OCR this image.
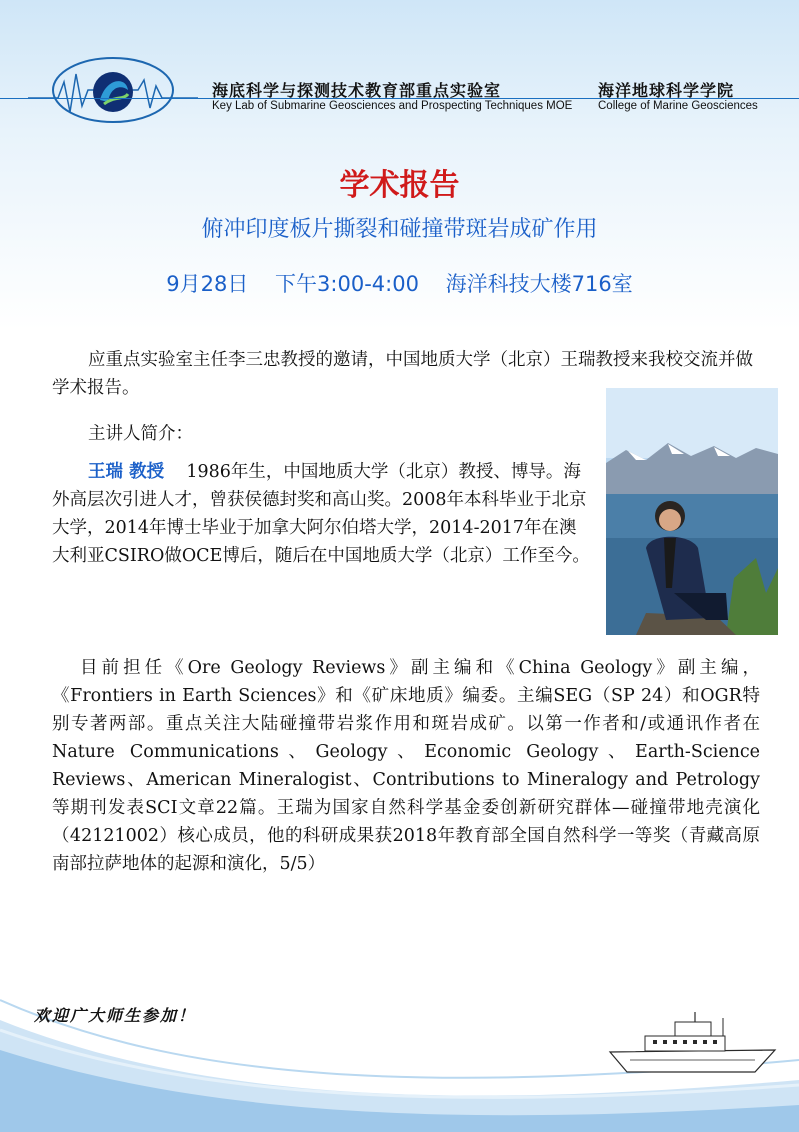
海底科学与探测技术教育部重点实验室
Key Lab of Submarine Geosciences and Prospecting Techniques MOE
海洋地球科学学院
College of Marine Geosciences
学术报告
俯冲印度板片撕裂和碰撞带斑岩成矿作用
9月28日 下午3:00-4:00 海洋科技大楼716室
应重点实验室主任李三忠教授的邀请，中国地质大学（北京）王瑞教授来我校交流并做学术报告。
主讲人简介：
王瑞 教授 1986年生，中国地质大学（北京）教授、博导。海外高层次引进人才，曾获侯德封奖和高山奖。2008年本科毕业于北京大学，2014年博士毕业于加拿大阿尔伯塔大学，2014-2017年在澳大利亚CSIRO做OCE博后，随后在中国地质大学（北京）工作至今。
目前担任《Ore Geology Reviews》副主编和《China Geology》副主编，《Frontiers in Earth Sciences》和《矿床地质》编委。主编SEG（SP 24）和OGR特别专著两部。重点关注大陆碰撞带岩浆作用和斑岩成矿。以第一作者和/或通讯作者在Nature Communications、Geology、Economic Geology、Earth-Science Reviews、American Mineralogist、Contributions to Mineralogy and Petrology等期刊发表SCI文章22篇。王瑞为国家自然科学基金委创新研究群体—碰撞带地壳演化（42121002）核心成员，他的科研成果获2018年教育部全国自然科学一等奖（青藏高原南部拉萨地体的起源和演化，5/5）
欢迎广大师生参加！
